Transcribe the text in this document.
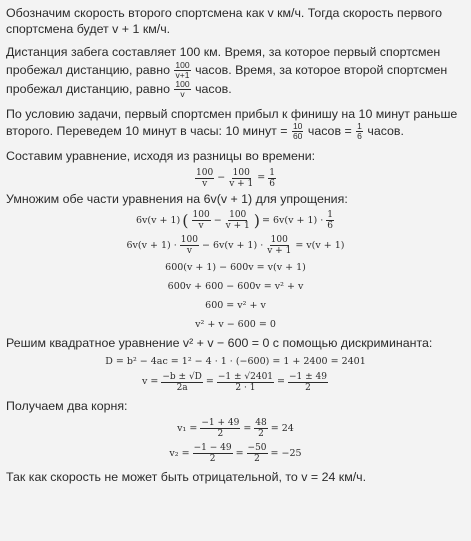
Обозначим скорость второго спортсмена как v км/ч. Тогда скорость первого спортсмена будет v + 1 км/ч.

Дистанция забега составляет 100 км. Время, за которое первый спортсмен пробежал дистанцию, равно $\frac{100}{v+1}$ часов. Время, за которое второй спортсмен пробежал дистанцию, равно $\frac{100}{v}$ часов.

По условию задачи, первый спортсмен прибыл к финишу на 10 минут раньше второго. Переведем 10 минут в часы: 10 минут = $\frac{10}{60}$ часов = $\frac{1}{6}$ часов.

Составим уравнение, исходя из разницы во времени:

$\frac{100}{v} - \frac{100}{v + 1} = \frac{1}{6}$

Умножим обе части уравнения на 6v(v + 1) для упрощения:

6v(v + 1) ( $\frac{100}{v} - \frac{100}{v + 1}$ ) = $6v(v + 1) \cdot \frac{1}{6}$
$6v(v + 1) \cdot \frac{100}{v} - 6v(v + 1) \cdot \frac{100}{v + 1} = v(v + 1)$
600(v + 1) − 600v = v(v + 1)
600v + 600 − 600v = v² + v
600 = v² + v
v² + v − 600 = 0

Решим квадратное уравнение v² + v − 600 = 0 с помощью дискриминанта:

D = b² − 4ac = 1² − 4 · 1 · (−600) = 1 + 2400 = 2401
$v = \frac{-b \pm √D}{2a} = \frac{-1 \pm √2401}{2 \cdot 1} = \frac{-1 \pm 49}{2}$

Получаем два корня:

$v_1 = \frac{-1 + 49}{2} = \frac{48}{2} = 24$
$v_2 = \frac{-1 - 49}{2} = \frac{-50}{2} = -25$

Так как скорость не может быть отрицательной, то v = 24 км/ч.
